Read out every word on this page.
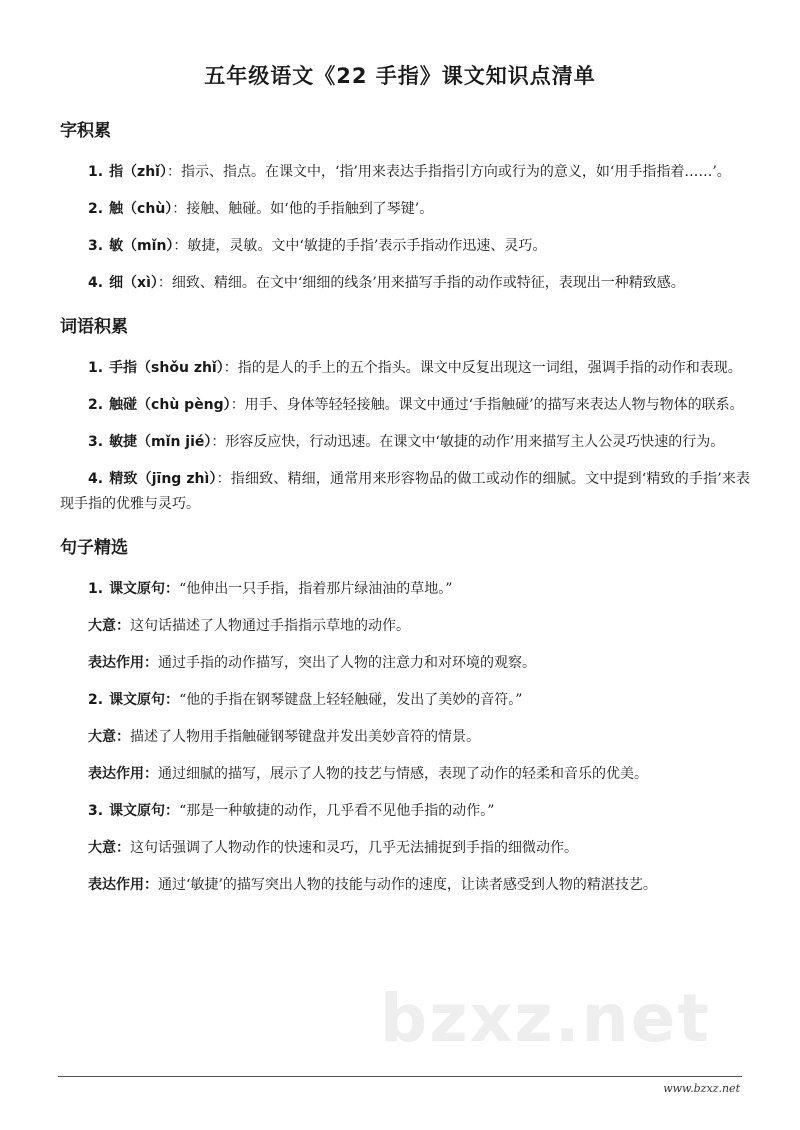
五年级语文《22 手指》课文知识点清单
字积累

1. 指（zhǐ）：指示、指点。在课文中，‘指’用来表达手指指引方向或行为的意义，如‘用手指指着……’。

2. 触（chù）：接触、触碰。如‘他的手指触到了琴键’。

3. 敏（mǐn）：敏捷，灵敏。文中‘敏捷的手指’表示手指动作迅速、灵巧。

4. 细（xì）：细致、精细。在文中‘细细的线条’用来描写手指的动作或特征，表现出一种精致感。

词语积累

1. 手指（shǒu zhǐ）：指的是人的手上的五个指头。课文中反复出现这一词组，强调手指的动作和表现。

2. 触碰（chù pèng）：用手、身体等轻轻接触。课文中通过‘手指触碰’的描写来表达人物与物体的联系。

3. 敏捷（mǐn jié）：形容反应快，行动迅速。在课文中‘敏捷的动作’用来描写主人公灵巧快速的行为。

4. 精致（jīng zhì）：指细致、精细，通常用来形容物品的做工或动作的细腻。文中提到‘精致的手指’来表现手指的优雅与灵巧。

句子精选

1. 课文原句：“他伸出一只手指，指着那片绿油油的草地。”

大意：这句话描述了人物通过手指指示草地的动作。

表达作用：通过手指的动作描写，突出了人物的注意力和对环境的观察。

2. 课文原句：“他的手指在钢琴键盘上轻轻触碰，发出了美妙的音符。”

大意：描述了人物用手指触碰钢琴键盘并发出美妙音符的情景。

表达作用：通过细腻的描写，展示了人物的技艺与情感，表现了动作的轻柔和音乐的优美。

3. 课文原句：“那是一种敏捷的动作，几乎看不见他手指的动作。”

大意：这句话强调了人物动作的快速和灵巧，几乎无法捕捉到手指的细微动作。

表达作用：通过‘敏捷’的描写突出人物的技能与动作的速度，让读者感受到人物的精湛技艺。

bzxz.net
www.bzxz.net
